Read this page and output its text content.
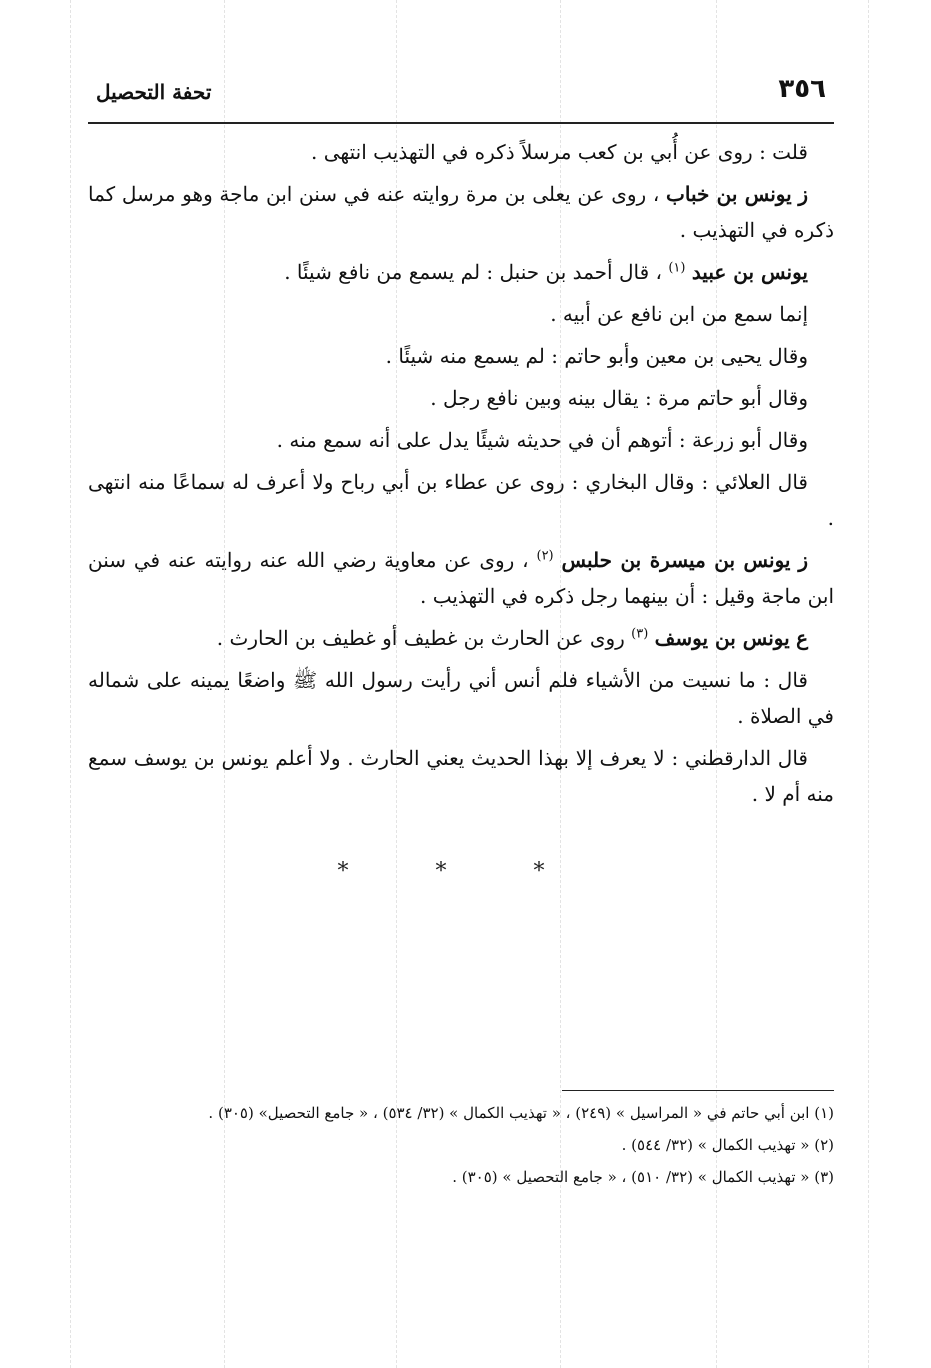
٣٥٦
تحفة التحصيل

قلت : روى عن أُبي بن كعب مرسلاً ذكره في التهذيب انتهى .

ز يونس بن خباب ، روى عن يعلى بن مرة روايته عنه في سنن ابن ماجة وهو مرسل كما ذكره في التهذيب .

يونس بن عبيد $^{(١)}$ ، قال أحمد بن حنبل : لم يسمع من نافع شيئًا .

إنما سمع من ابن نافع عن أبيه .

وقال يحيى بن معين وأبو حاتم : لم يسمع منه شيئًا .

وقال أبو حاتم مرة : يقال بينه وبين نافع رجل .

وقال أبو زرعة : أتوهم أن في حديثه شيئًا يدل على أنه سمع منه .

قال العلائي : وقال البخاري : روى عن عطاء بن أبي رباح ولا أعرف له سماعًا منه انتهى .

ز يونس بن ميسرة بن حلبس $^{(٢)}$ ، روى عن معاوية رضي الله عنه روايته عنه في سنن ابن ماجة وقيل : أن بينهما رجل ذكره في التهذيب .

ع يونس بن يوسف $^{(٣)}$ روى عن الحارث بن غطيف أو غطيف بن الحارث .

قال : ما نسيت من الأشياء فلم أنس أني رأيت رسول الله ﷺ واضعًا يمينه على شماله في الصلاة .

قال الدارقطني : لا يعرف إلا بهذا الحديث يعني الحارث . ولا أعلم يونس بن يوسف سمع منه أم لا .

* * *

(١) ابن أبي حاتم في « المراسيل » (٢٤٩) ، « تهذيب الكمال » (٣٢/ ٥٣٤) ، « جامع التحصيل» (٣٠٥) .

(٢) « تهذيب الكمال » (٣٢/ ٥٤٤) .

(٣) « تهذيب الكمال » (٣٢/ ٥١٠) ، « جامع التحصيل » (٣٠٥) .
